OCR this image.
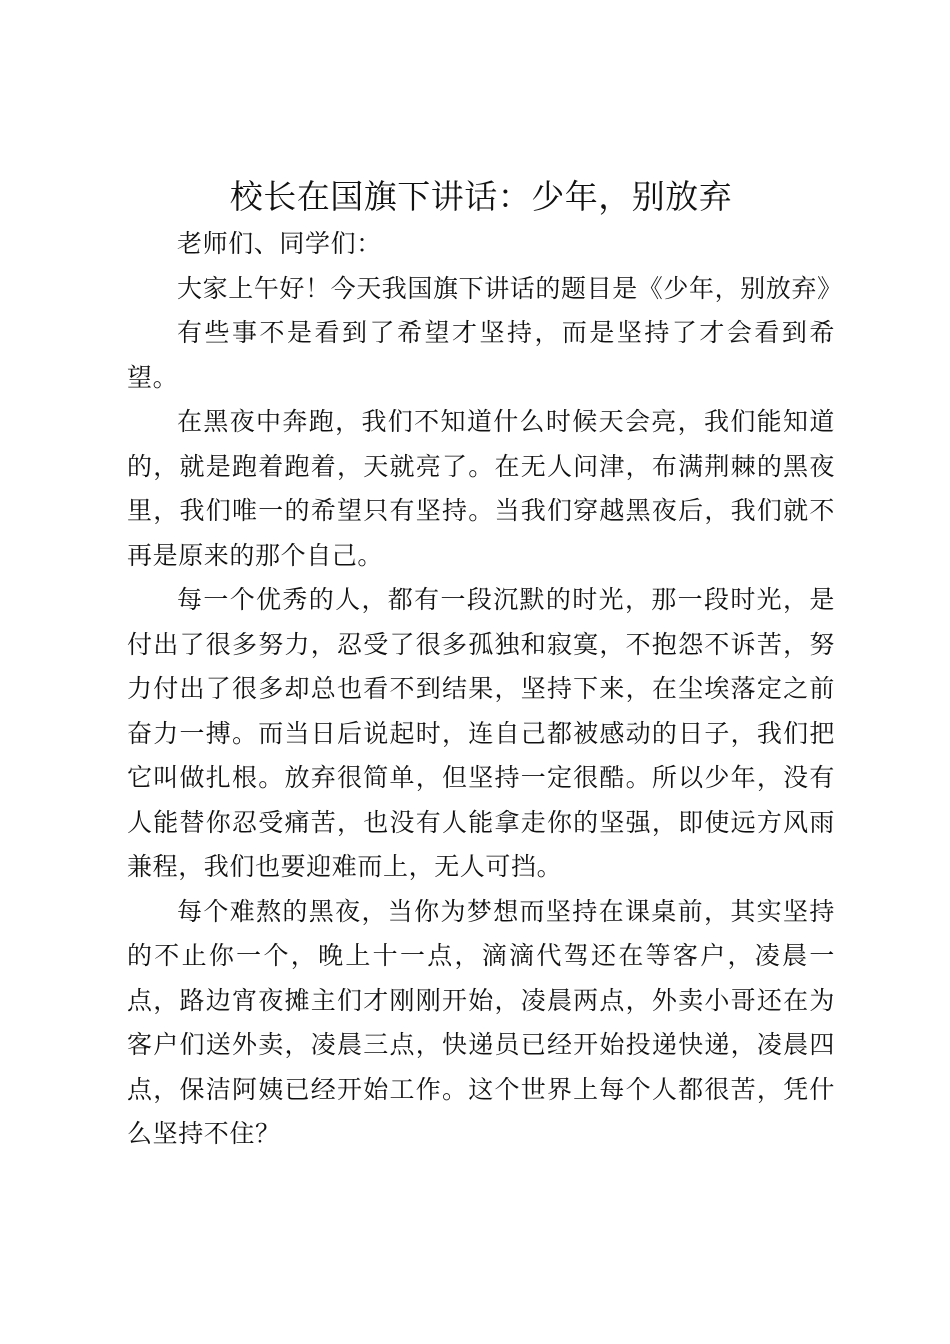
校长在国旗下讲话：少年，别放弃

老师们、同学们：

大家上午好！今天我国旗下讲话的题目是《少年，别放弃》

有些事不是看到了希望才坚持，而是坚持了才会看到希望。

在黑夜中奔跑，我们不知道什么时候天会亮，我们能知道的，就是跑着跑着，天就亮了。在无人问津，布满荆棘的黑夜里，我们唯一的希望只有坚持。当我们穿越黑夜后，我们就不再是原来的那个自己。

每一个优秀的人，都有一段沉默的时光，那一段时光，是付出了很多努力，忍受了很多孤独和寂寞，不抱怨不诉苦，努力付出了很多却总也看不到结果，坚持下来，在尘埃落定之前奋力一搏。而当日后说起时，连自己都被感动的日子，我们把它叫做扎根。放弃很简单，但坚持一定很酷。所以少年，没有人能替你忍受痛苦，也没有人能拿走你的坚强，即使远方风雨兼程，我们也要迎难而上，无人可挡。

每个难熬的黑夜，当你为梦想而坚持在课桌前，其实坚持的不止你一个，晚上十一点，滴滴代驾还在等客户，凌晨一点，路边宵夜摊主们才刚刚开始，凌晨两点，外卖小哥还在为客户们送外卖，凌晨三点，快递员已经开始投递快递，凌晨四点，保洁阿姨已经开始工作。这个世界上每个人都很苦，凭什么坚持不住？
